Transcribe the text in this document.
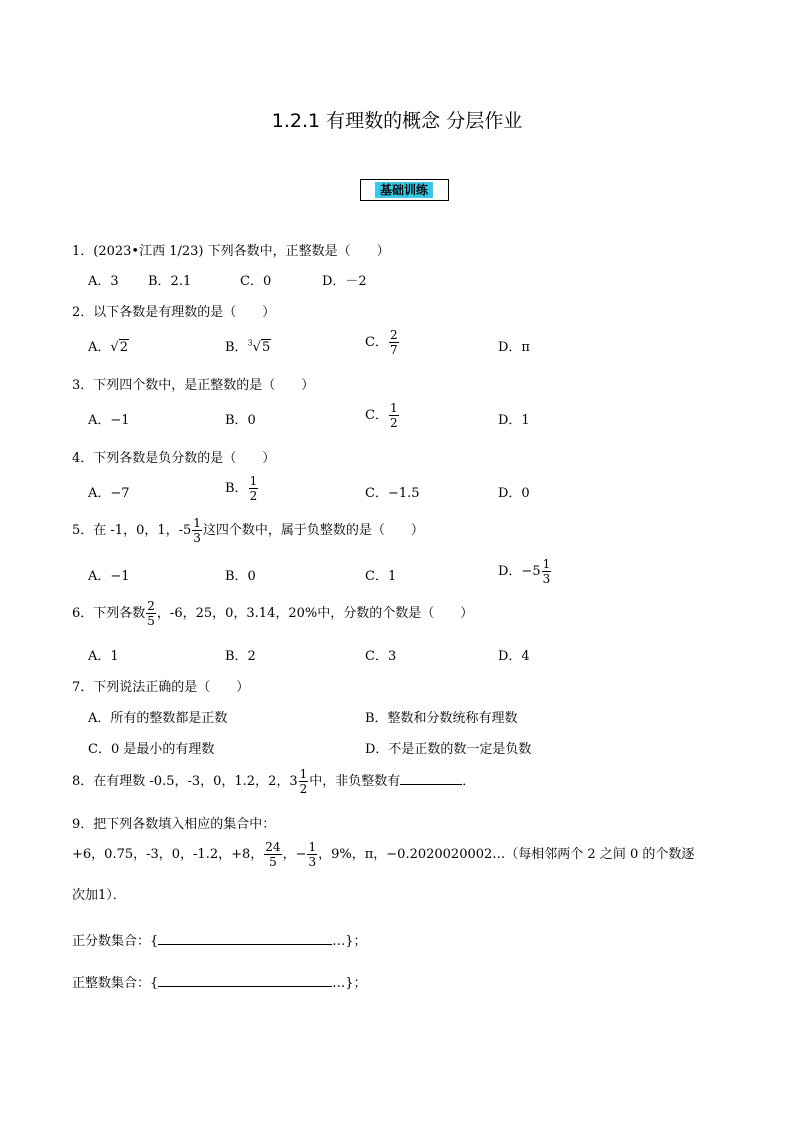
1.2.1 有理数的概念 分层作业
基础训练
1．(2023•江西 1/23) 下列各数中，正整数是（　　）
A．3 B．2.1	C．0	D．－2
2．以下各数是有理数的是（　　）
A．√2	B．$^3$√5	C． $\frac{2}{7}$	D．π
3．下列四个数中，是正整数的是（　　）
A．−1	B．0	C． $\frac{1}{2}$	D．1
4．下列各数是负分数的是（　　）
A．−7	B． $\frac{1}{2}$	C．−1.5	D．0
5．在 -1，0，1，$-5 \frac{1}{3}$ 这四个数中，属于负整数的是（　　）
A．−1	B．0	C．1	D．$-5 \frac{1}{3}$
6．下列各数 $\frac{2}{5}$ ，-6，25，0，3.14，20%中，分数的个数是（　　）
A．1	B．2	C．3	D．4
7．下列说法正确的是（　　）
A．所有的整数都是正数	B．整数和分数统称有理数
C．0 是最小的有理数	D．不是正数的数一定是负数
8．在有理数 -0.5，-3，0，1.2，2，$3 \frac{1}{2}$ 中，非负整数有	．
9．把下列各数填入相应的集合中：
+6，0.75，-3，0，-1.2，+8， $\frac{24}{5}$ ，− $\frac{1}{3}$ ，9%，π，−0.2020020002…（每相邻两个 2 之间 0 的个数逐
次加1）．
正分数集合：{	…}；
正整数集合：{	…}；
